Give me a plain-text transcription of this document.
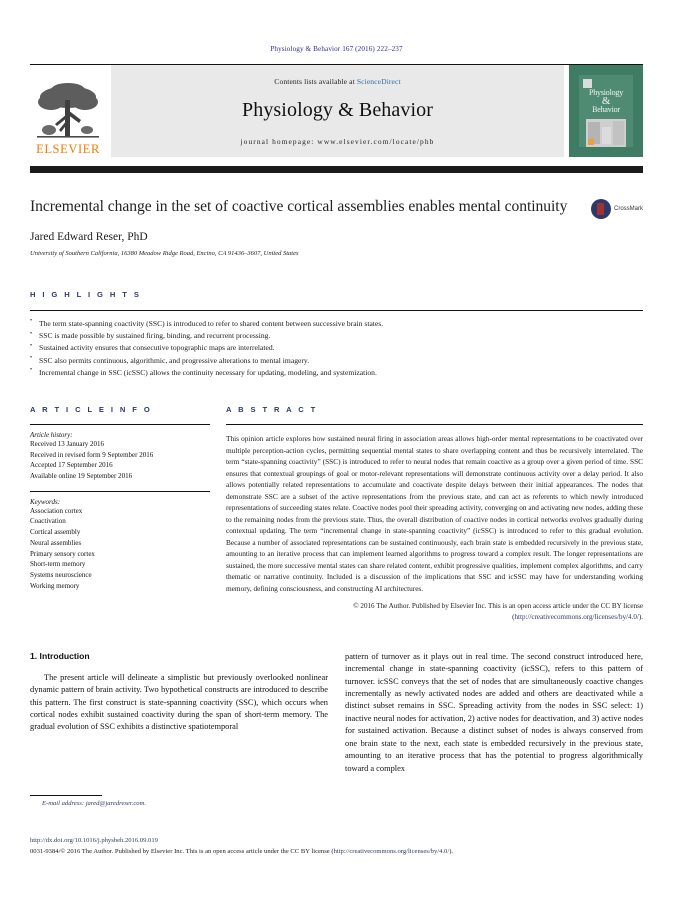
Physiology & Behavior 167 (2016) 222–237
ELSEVIER
Contents lists available at ScienceDirect
Physiology & Behavior
journal homepage: www.elsevier.com/locate/phb
Physiology
&
Behavior
Incremental change in the set of coactive cortical assemblies enables mental continuity
Jared Edward Reser, PhD
University of Southern California, 16380 Meadow Ridge Road, Encino, CA 91436–3607, United States
CrossMark
H I G H L I G H T S
• The term state-spanning coactivity (SSC) is introduced to refer to shared content between successive brain states.
• SSC is made possible by sustained firing, binding, and recurrent processing.
• Sustained activity ensures that consecutive topographic maps are interrelated.
• SSC also permits continuous, algorithmic, and progressive alterations to mental imagery.
• Incremental change in SSC (icSSC) allows the continuity necessary for updating, modeling, and systemization.
A R T I C L E I N F O
Article history:
Received 13 January 2016
Received in revised form 9 September 2016
Accepted 17 September 2016
Available online 19 September 2016
Keywords:
Association cortex
Coactivation
Cortical assembly
Neural assemblies
Primary sensory cortex
Short-term memory
Systems neuroscience
Working memory
A B S T R A C T
This opinion article explores how sustained neural firing in association areas allows high-order mental representations to be coactivated over multiple perception-action cycles, permitting sequential mental states to share overlapping content and thus be recursively interrelated. The term “state-spanning coactivity” (SSC) is introduced to refer to neural nodes that remain coactive as a group over a given period of time. SSC ensures that contextual groupings of goal or motor-relevant representations will demonstrate continuous activity over a delay period. It also allows potentially related representations to accumulate and coactivate despite delays between their initial appearances. The nodes that demonstrate SSC are a subset of the active representations from the previous state, and can act as referents to which newly introduced representations of succeeding states relate. Coactive nodes pool their spreading activity, converging on and activating new nodes, adding these to the remaining nodes from the previous state. Thus, the overall distribution of coactive nodes in cortical networks evolves gradually during contextual updating. The term “incremental change in state-spanning coactivity” (icSSC) is introduced to refer to this gradual evolution. Because a number of associated representations can be sustained continuously, each brain state is embedded recursively in the previous state, amounting to an iterative process that can implement learned algorithms to progress toward a complex result. The longer representations are sustained, the more successive mental states can share related content, exhibit progressive qualities, implement complex algorithms, and carry thematic or narrative continuity. Included is a discussion of the implications that SSC and icSSC may have for understanding working memory, defining consciousness, and constructing AI architectures.
© 2016 The Author. Published by Elsevier Inc. This is an open access article under the CC BY license (http://creativecommons.org/licenses/by/4.0/).
1. Introduction

The present article will delineate a simplistic but previously overlooked nonlinear dynamic pattern of brain activity. Two hypothetical constructs are introduced to describe this pattern. The first construct is state-spanning coactivity (SSC), which occurs when cortical nodes exhibit sustained coactivity during the span of short-term memory. The gradual evolution of SSC exhibits a distinctive spatiotemporal

pattern of turnover as it plays out in real time. The second construct introduced here, incremental change in state-spanning coactivity (icSSC), refers to this pattern of turnover. icSSC conveys that the set of nodes that are simultaneously coactive changes incrementally as newly activated nodes are added and others are deactivated while a distinct subset remains in SSC. Spreading activity from the nodes in SSC select: 1) inactive neural nodes for activation, 2) active nodes for deactivation, and 3) active nodes for sustained activation. Because a distinct subset of nodes is always conserved from one brain state to the next, each state is embedded recursively in the previous state, amounting to an iterative process that has the potential to progress algorithmically toward a complex

E-mail address: jared@jaredreser.com.
http://dx.doi.org/10.1016/j.physbeh.2016.09.019
0031-9384/© 2016 The Author. Published by Elsevier Inc. This is an open access article under the CC BY license (http://creativecommons.org/licenses/by/4.0/).
